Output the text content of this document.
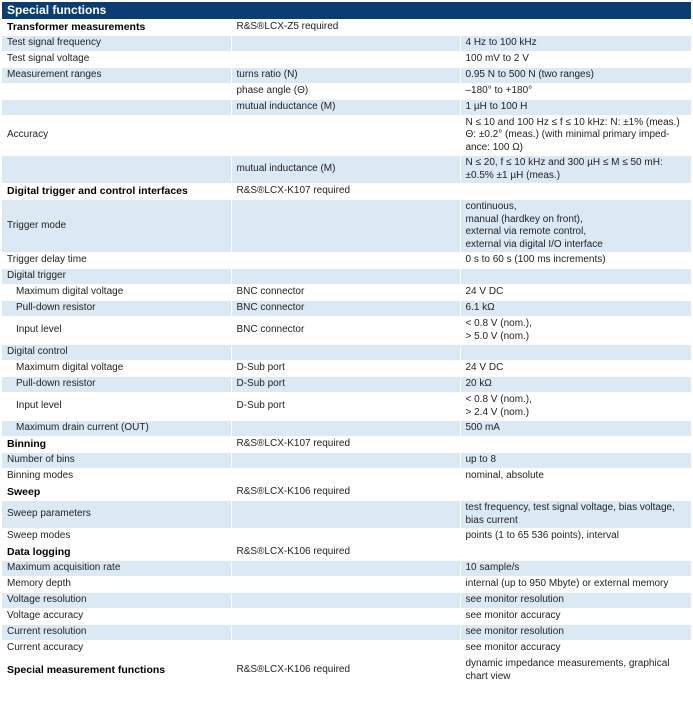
Special functions
Transformer measurements	R&S®LCX-Z5 required	
Test signal frequency		4 Hz to 100 kHz

Test signal voltage		100 mV to 2 V

Measurement ranges	turns ratio (N)	0.95 N to 500 N (two ranges)

	phase angle (Θ)	–180° to +180°

	mutual inductance (M)	1 µH to 100 H

Accuracy		N ≤ 10 and 100 Hz ≤ f ≤ 10 kHz: N: ±1% (meas.)
Θ: ±0.2° (meas.) (with minimal primary imped-
ance: 100 Ω)

	mutual inductance (M)	N ≤ 20, f ≤ 10 kHz and 300 µH ≤ M ≤ 50 mH:
±0.5% ±1 µH (meas.)

Digital trigger and control interfaces	R&S®LCX-K107 required	
Trigger mode		continuous,
manual (hardkey on front),
external via remote control,
external via digital I/O interface

Trigger delay time		0 s to 60 s (100 ms increments)

Digital trigger		
Maximum digital voltage	BNC connector	24 V DC

Pull-down resistor	BNC connector	6.1 kΩ

Input level	BNC connector	< 0.8 V (nom.),
> 5.0 V (nom.)

Digital control		
Maximum digital voltage	D-Sub port	24 V DC

Pull-down resistor	D-Sub port	20 kΩ

Input level	D-Sub port	< 0.8 V (nom.),
> 2.4 V (nom.)

Maximum drain current (OUT)		500 mA

Binning	R&S®LCX-K107 required	
Number of bins		up to 8

Binning modes		nominal, absolute

Sweep	R&S®LCX-K106 required	
Sweep parameters		test frequency, test signal voltage, bias voltage,
bias current

Sweep modes		points (1 to 65 536 points), interval

Data logging	R&S®LCX-K106 required	
Maximum acquisition rate		10 sample/s

Memory depth		internal (up to 950 Mbyte) or external memory

Voltage resolution		see monitor resolution

Voltage accuracy		see monitor accuracy

Current resolution		see monitor resolution

Current accuracy		see monitor accuracy

Special measurement functions	R&S®LCX-K106 required	dynamic impedance measurements, graphical
chart view
